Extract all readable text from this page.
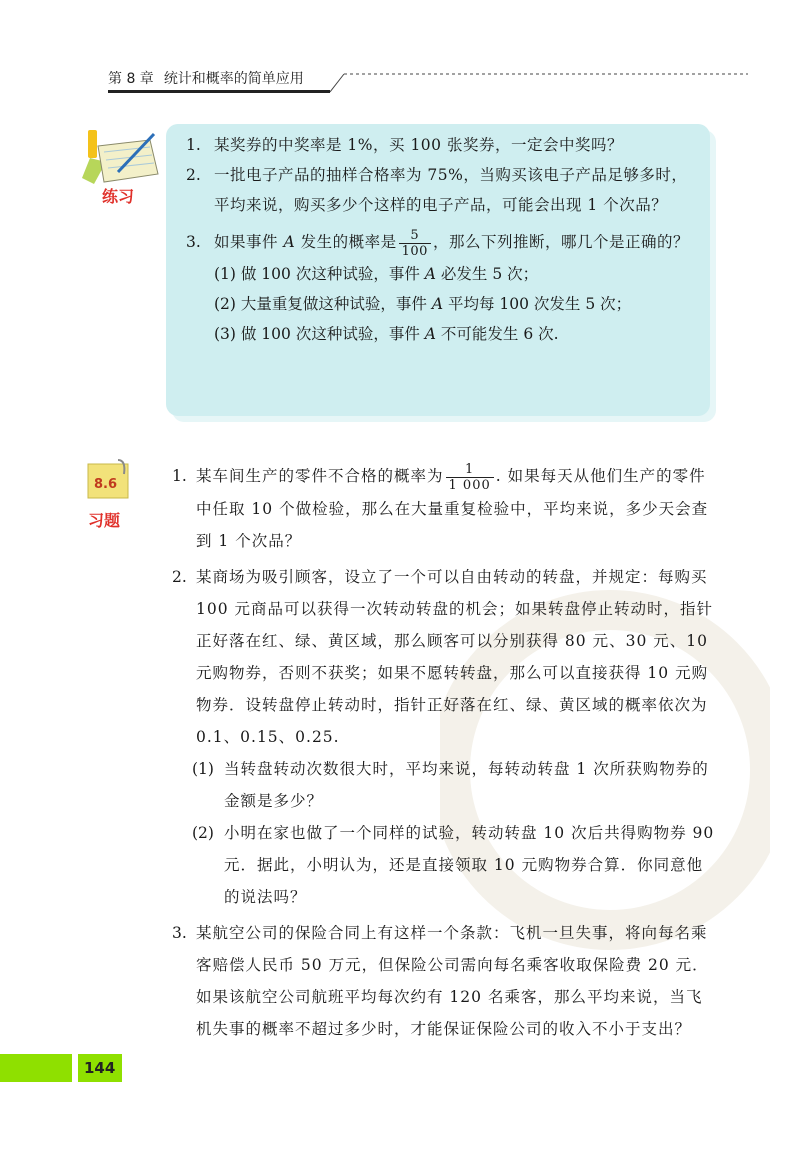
第 8 章 统计和概率的简单应用
练习
1. 某奖券的中奖率是 1%，买 100 张奖券，一定会中奖吗？
2. 一批电子产品的抽样合格率为 75%，当购买该电子产品足够多时，平均来说，购买多少个这样的电子产品，可能会出现 1 个次品？
3. 如果事件 A 发生的概率是 $\frac{5}{100}$ ，那么下列推断，哪几个是正确的？
(1) 做 100 次这种试验，事件 A 必发生 5 次；
(2) 大量重复做这种试验，事件 A 平均每 100 次发生 5 次；
(3) 做 100 次这种试验，事件 A 不可能发生 6 次.
8.6
习题
1. 某车间生产的零件不合格的概率为 $\frac{1}{1 000}$ . 如果每天从他们生产的零件中任取 10 个做检验，那么在大量重复检验中，平均来说，多少天会查到 1 个次品？
2. 某商场为吸引顾客，设立了一个可以自由转动的转盘，并规定：每购买 100 元商品可以获得一次转动转盘的机会；如果转盘停止转动时，指针正好落在红、绿、黄区域，那么顾客可以分别获得 80 元、30 元、10 元购物券，否则不获奖；如果不愿转转盘，那么可以直接获得 10 元购物券．设转盘停止转动时，指针正好落在红、绿、黄区域的概率依次为 0.1、0.15、0.25.
(1) 当转盘转动次数很大时，平均来说，每转动转盘 1 次所获购物券的金额是多少？
(2) 小明在家也做了一个同样的试验，转动转盘 10 次后共得购物券 90 元．据此，小明认为，还是直接领取 10 元购物券合算．你同意他的说法吗？
3. 某航空公司的保险合同上有这样一个条款：飞机一旦失事，将向每名乘客赔偿人民币 50 万元，但保险公司需向每名乘客收取保险费 20 元．如果该航空公司航班平均每次约有 120 名乘客，那么平均来说，当飞机失事的概率不超过多少时，才能保证保险公司的收入不小于支出？
144
